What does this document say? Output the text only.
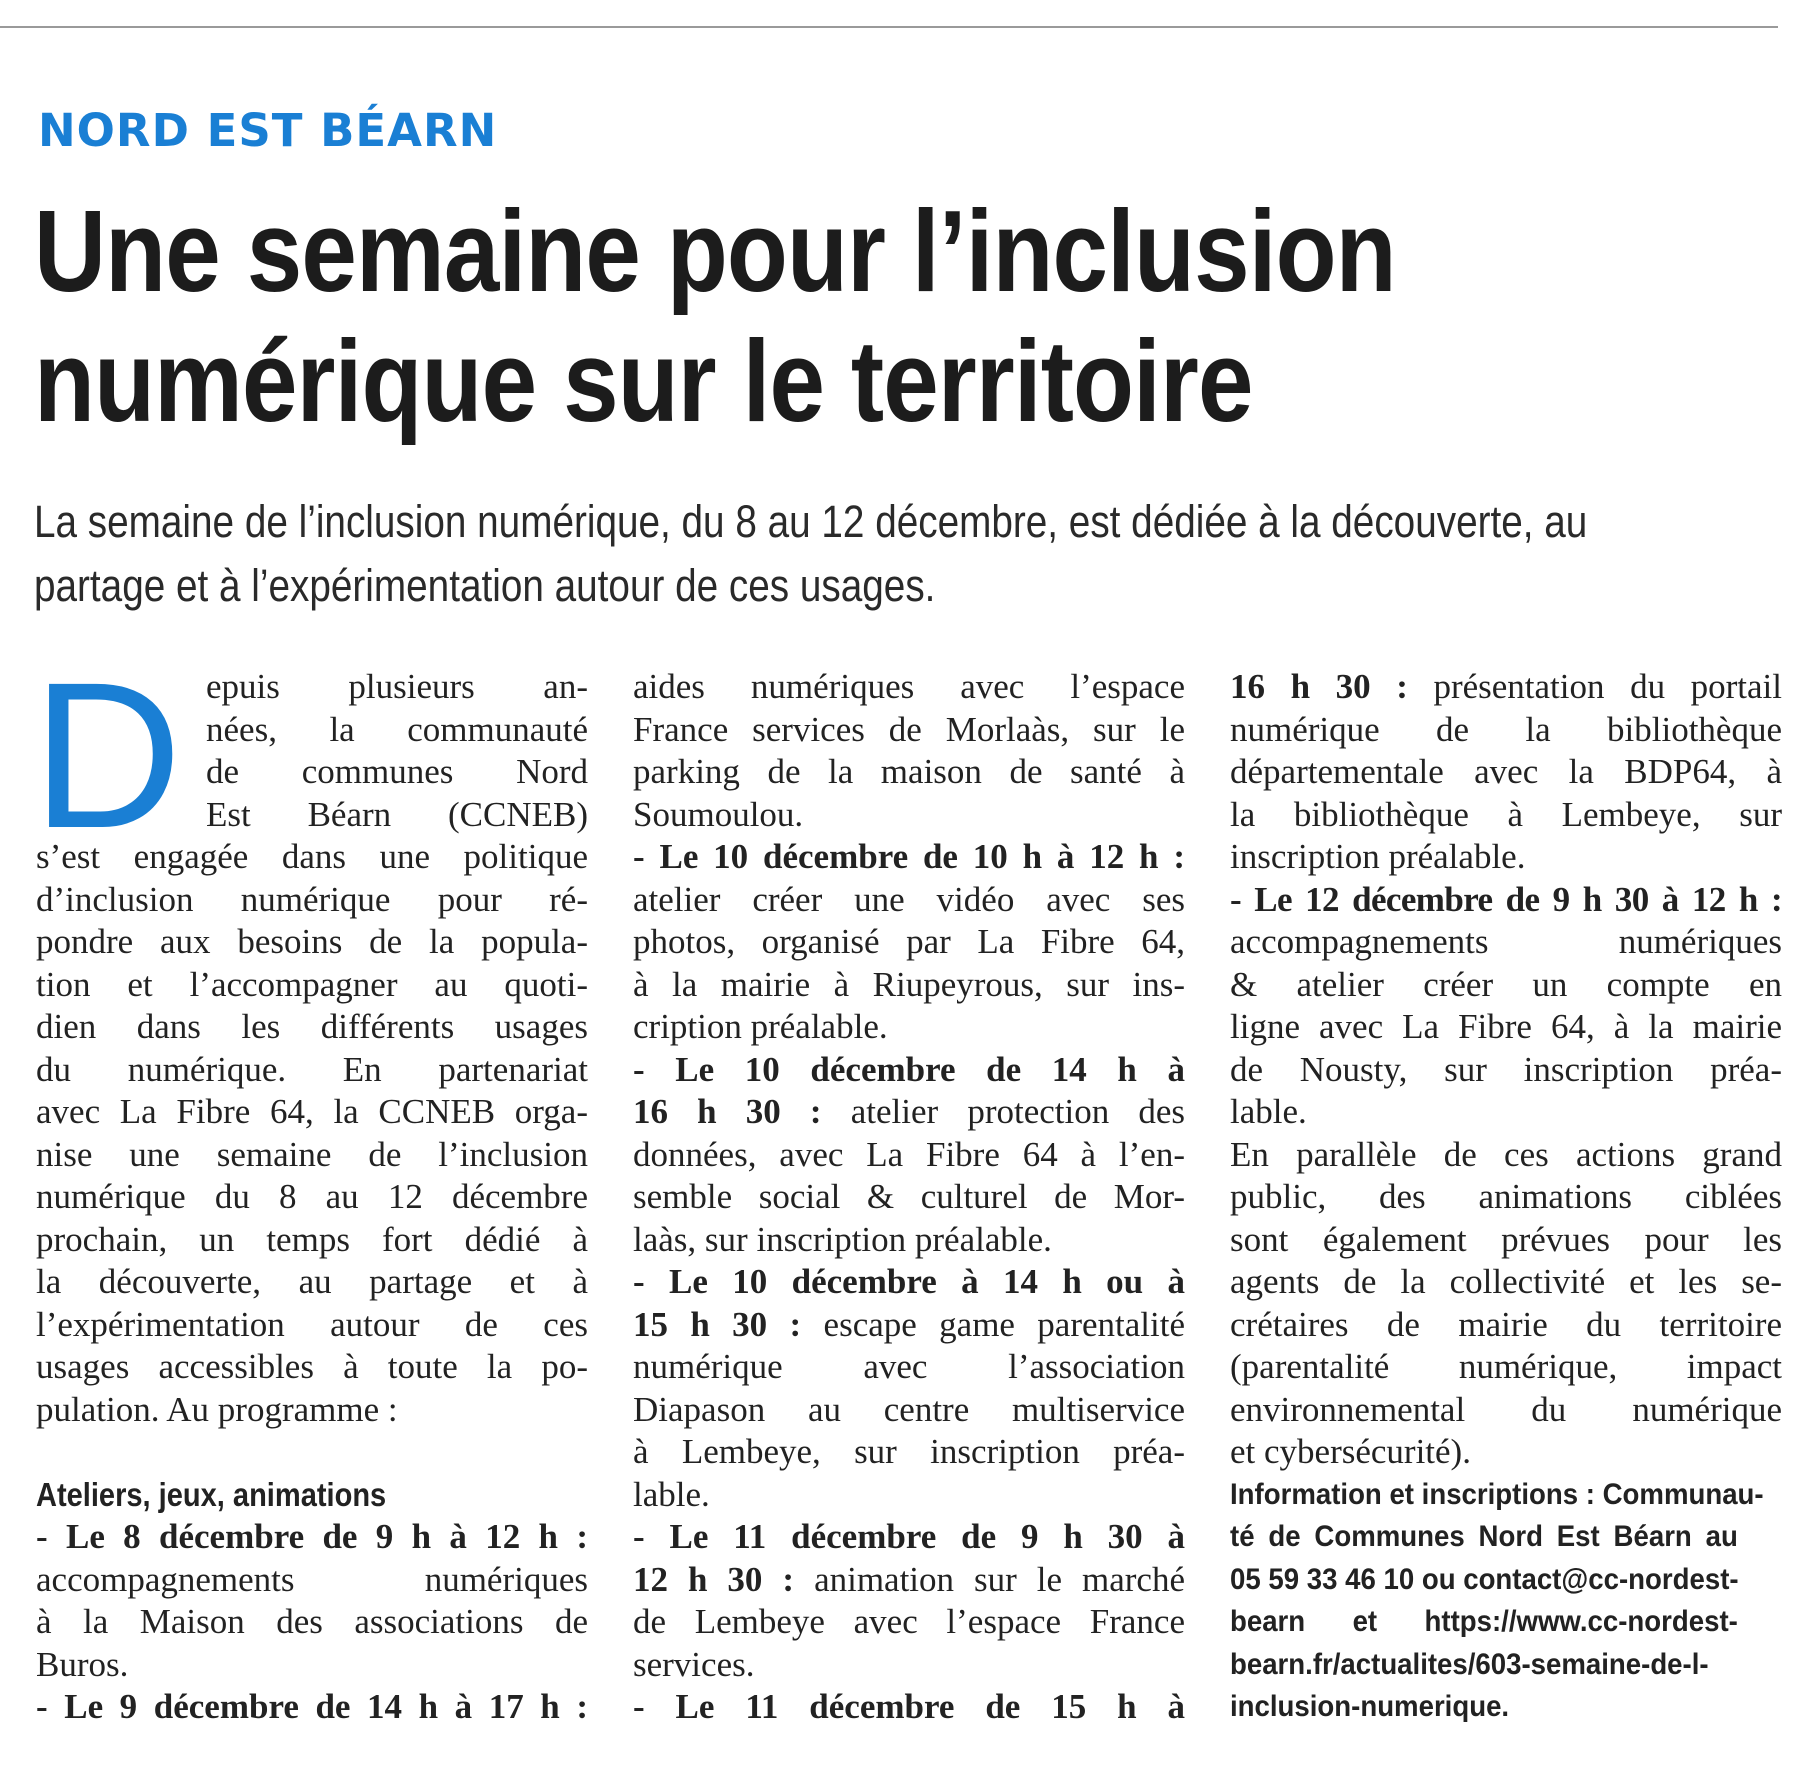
NORD EST BÉARN
Une semaine pour l’inclusion
numérique sur le territoire

La semaine de l’inclusion numérique, du 8 au 12 décembre, est dédiée à la découverte, au
partage et à l’expérimentation autour de ces usages.

D epuis plusieurs an-
nées, la communauté
de communes Nord
Est Béarn (CCNEB)
s’est engagée dans une politique
d’inclusion numérique pour ré-
pondre aux besoins de la popula-
tion et l’accompagner au quoti-
dien dans les différents usages
du numérique. En partenariat
avec La Fibre 64, la CCNEB orga-
nise une semaine de l’inclusion
numérique du 8 au 12 décembre
prochain, un temps fort dédié à
la découverte, au partage et à
l’expérimentation autour de ces
usages accessibles à toute la po-
pulation. Au programme :
Ateliers, jeux, animations
- Le 8 décembre de 9 h à 12 h :
accompagnements numériques
à la Maison des associations de
Buros.
- Le 9 décembre de 14 h à 17 h :
aides numériques avec l’espace
France services de Morlaàs, sur le
parking de la maison de santé à
Soumoulou.
- Le 10 décembre de 10 h à 12 h :
atelier créer une vidéo avec ses
photos, organisé par La Fibre 64,
à la mairie à Riupeyrous, sur ins-
cription préalable.
- Le 10 décembre de 14 h à
16 h 30 : atelier protection des
données, avec La Fibre 64 à l’en-
semble social & culturel de Mor-
laàs, sur inscription préalable.
- Le 10 décembre à 14 h ou à
15 h 30 : escape game parentalité
numérique avec l’association
Diapason au centre multiservice
à Lembeye, sur inscription préa-
lable.
- Le 11 décembre de 9 h 30 à
12 h 30 : animation sur le marché
de Lembeye avec l’espace France
services.
- Le 11 décembre de 15 h à
16 h 30 : présentation du portail
numérique de la bibliothèque
départementale avec la BDP64, à
la bibliothèque à Lembeye, sur
inscription préalable.
- Le 12 décembre de 9 h 30 à 12 h :
accompagnements numériques
& atelier créer un compte en
ligne avec La Fibre 64, à la mairie
de Nousty, sur inscription préa-
lable.
En parallèle de ces actions grand
public, des animations ciblées
sont également prévues pour les
agents de la collectivité et les se-
crétaires de mairie du territoire
(parentalité numérique, impact
environnemental du numérique
et cybersécurité).
Information et inscriptions : Communau-
té de Communes Nord Est Béarn au
05 59 33 46 10 ou contact@cc-nordest-
bearn et https://www.cc-nordest-
bearn.fr/actualites/603-semaine-de-l-
inclusion-numerique.
